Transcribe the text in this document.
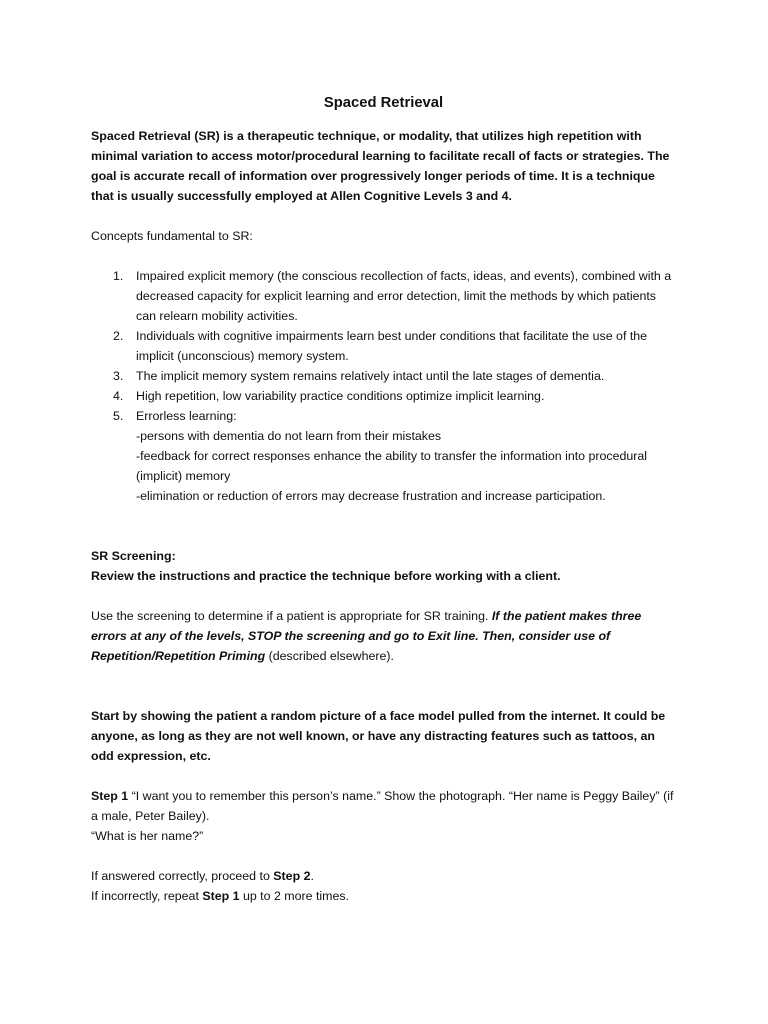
Spaced Retrieval

Spaced Retrieval (SR) is a therapeutic technique, or modality, that utilizes high repetition with minimal variation to access motor/procedural learning to facilitate recall of facts or strategies. The goal is accurate recall of information over progressively longer periods of time. It is a technique that is usually successfully employed at Allen Cognitive Levels 3 and 4.

Concepts fundamental to SR:

1. Impaired explicit memory (the conscious recollection of facts, ideas, and events), combined with a decreased capacity for explicit learning and error detection, limit the methods by which patients can relearn mobility activities.
2. Individuals with cognitive impairments learn best under conditions that facilitate the use of the implicit (unconscious) memory system.
3. The implicit memory system remains relatively intact until the late stages of dementia.
4. High repetition, low variability practice conditions optimize implicit learning.
5. Errorless learning:
-persons with dementia do not learn from their mistakes
-feedback for correct responses enhance the ability to transfer the information into procedural (implicit) memory
-elimination or reduction of errors may decrease frustration and increase participation.

SR Screening:

Review the instructions and practice the technique before working with a client.

Use the screening to determine if a patient is appropriate for SR training. If the patient makes three errors at any of the levels, STOP the screening and go to Exit line. Then, consider use of Repetition/Repetition Priming (described elsewhere).

Start by showing the patient a random picture of a face model pulled from the internet. It could be anyone, as long as they are not well known, or have any distracting features such as tattoos, an odd expression, etc.

Step 1 “I want you to remember this person’s name.” Show the photograph. “Her name is Peggy Bailey” (if a male, Peter Bailey).

“What is her name?”

If answered correctly, proceed to Step 2.

If incorrectly, repeat Step 1 up to 2 more times.
